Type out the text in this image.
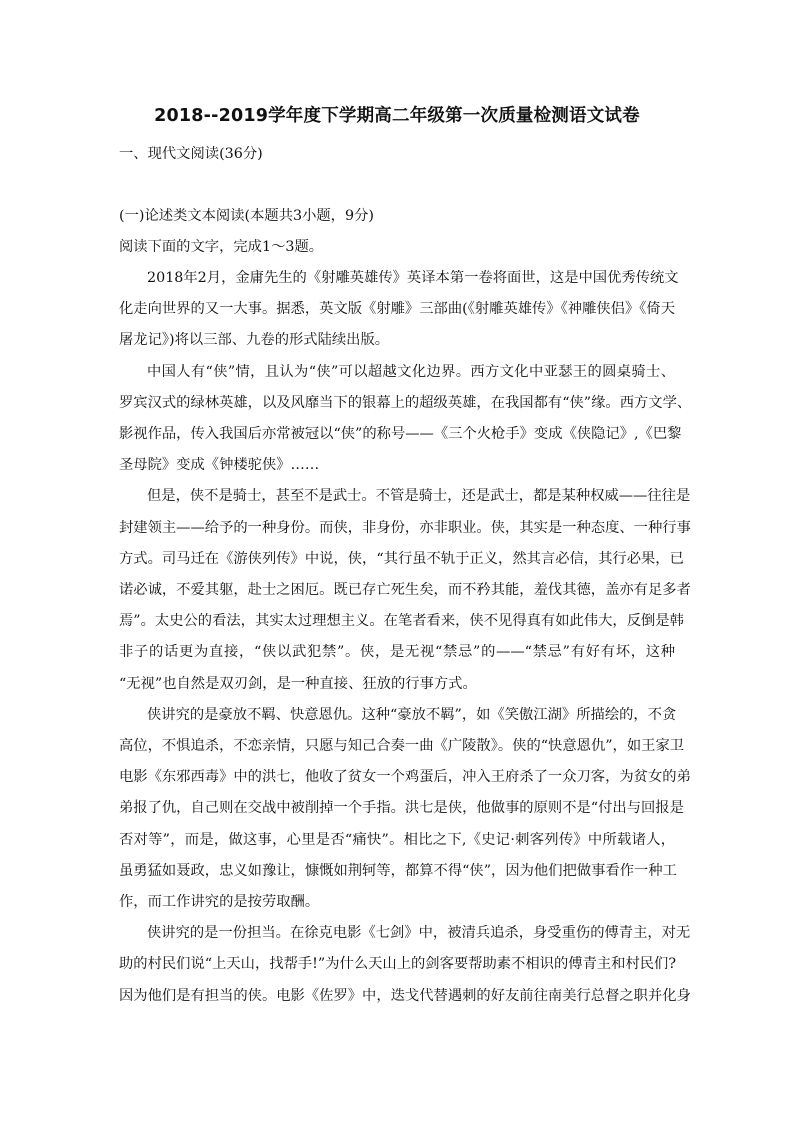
2018--2019学年度下学期高二年级第一次质量检测语文试卷
一、现代文阅读(36分)
(一)论述类文本阅读(本题共3小题，9分)
阅读下面的文字，完成1～3题。
2018年2月，金庸先生的《射雕英雄传》英译本第一卷将面世，这是中国优秀传统文
化走向世界的又一大事。据悉，英文版《射雕》三部曲(《射雕英雄传》《神雕侠侣》《倚天
屠龙记》)将以三部、九卷的形式陆续出版。
中国人有“侠”情，且认为“侠”可以超越文化边界。西方文化中亚瑟王的圆桌骑士、
罗宾汉式的绿林英雄，以及风靡当下的银幕上的超级英雄，在我国都有“侠”缘。西方文学、
影视作品，传入我国后亦常被冠以“侠”的称号——《三个火枪手》变成《侠隐记》,《巴黎
圣母院》变成《钟楼驼侠》……
但是，侠不是骑士，甚至不是武士。不管是骑士，还是武士，都是某种权威——往往是
封建领主——给予的一种身份。而侠，非身份，亦非职业。侠，其实是一种态度、一种行事
方式。司马迁在《游侠列传》中说，侠，“其行虽不轨于正义，然其言必信，其行必果，已
诺必诚，不爱其躯，赴士之困厄。既已存亡死生矣，而不矜其能，羞伐其德，盖亦有足多者
焉”。太史公的看法，其实太过理想主义。在笔者看来，侠不见得真有如此伟大，反倒是韩
非子的话更为直接，“侠以武犯禁”。侠，是无视“禁忌”的——“禁忌”有好有坏，这种
“无视”也自然是双刃剑，是一种直接、狂放的行事方式。
侠讲究的是豪放不羁、快意恩仇。这种“豪放不羁”，如《笑傲江湖》所描绘的，不贪
高位，不惧追杀，不恋亲情，只愿与知己合奏一曲《广陵散》。侠的“快意恩仇”，如王家卫
电影《东邪西毒》中的洪七，他收了贫女一个鸡蛋后，冲入王府杀了一众刀客，为贫女的弟
弟报了仇，自己则在交战中被削掉一个手指。洪七是侠，他做事的原则不是“付出与回报是
否对等”，而是，做这事，心里是否“痛快”。相比之下,《史记·刺客列传》中所载诸人，
虽勇猛如聂政，忠义如豫让，慷慨如荆轲等，都算不得“侠”，因为他们把做事看作一种工
作，而工作讲究的是按劳取酬。
侠讲究的是一份担当。在徐克电影《七剑》中，被清兵追杀，身受重伤的傅青主，对无
助的村民们说“上天山，找帮手!”为什么天山上的剑客要帮助素不相识的傅青主和村民们?
因为他们是有担当的侠。电影《佐罗》中，迭戈代替遇刺的好友前往南美行总督之职并化身
